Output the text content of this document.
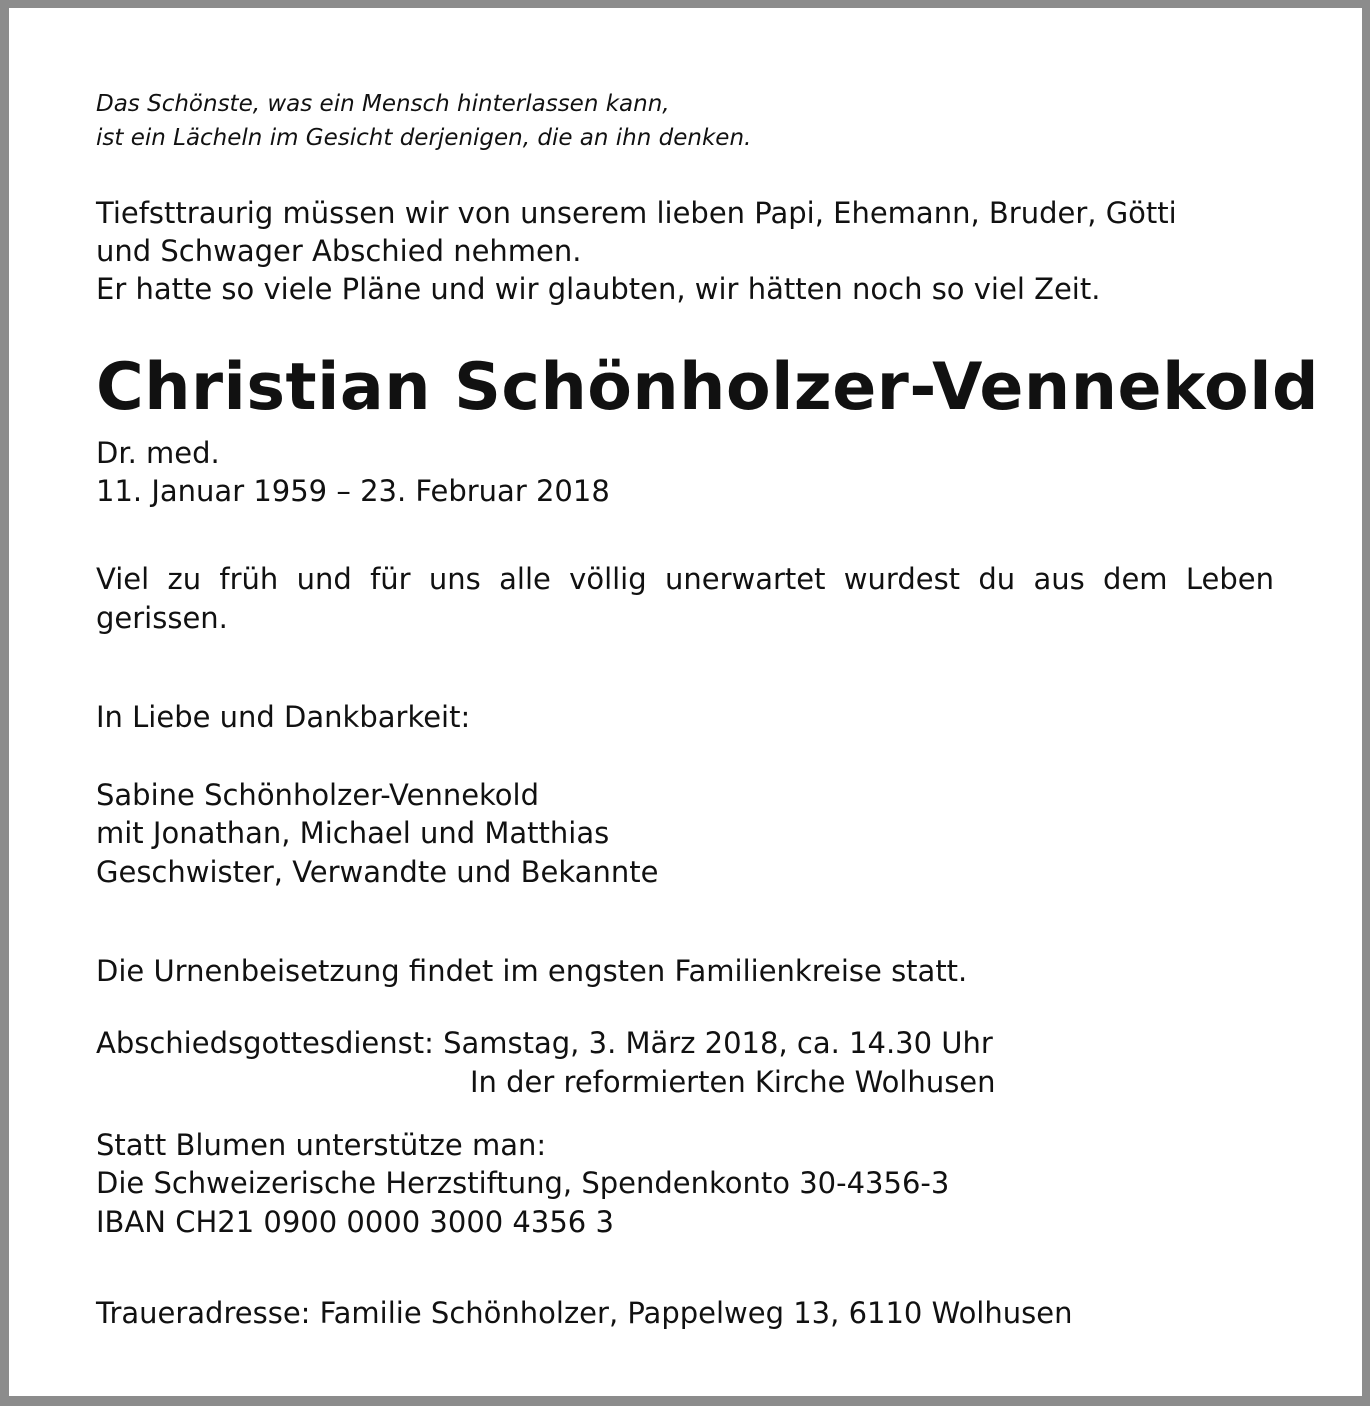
Das Schönste, was ein Mensch hinterlassen kann,
ist ein Lächeln im Gesicht derjenigen, die an ihn denken.
Tiefsttraurig müssen wir von unserem lieben Papi, Ehemann, Bruder, Götti
und Schwager Abschied nehmen.
Er hatte so viele Pläne und wir glaubten, wir hätten noch so viel Zeit.
Christian Schönholzer-Vennekold
Dr. med.
11. Januar 1959 – 23. Februar 2018
Viel zu früh und für uns alle völlig unerwartet wurdest du aus dem Leben
gerissen.
In Liebe und Dankbarkeit:
Sabine Schönholzer-Vennekold
mit Jonathan, Michael und Matthias
Geschwister, Verwandte und Bekannte
Die Urnenbeisetzung findet im engsten Familienkreise statt.
Abschiedsgottesdienst: Samstag, 3. März 2018, ca. 14.30 Uhr
In der reformierten Kirche Wolhusen
Statt Blumen unterstütze man:
Die Schweizerische Herzstiftung, Spendenkonto 30-4356-3
IBAN CH21 0900 0000 3000 4356 3
Traueradresse: Familie Schönholzer, Pappelweg 13, 6110 Wolhusen
